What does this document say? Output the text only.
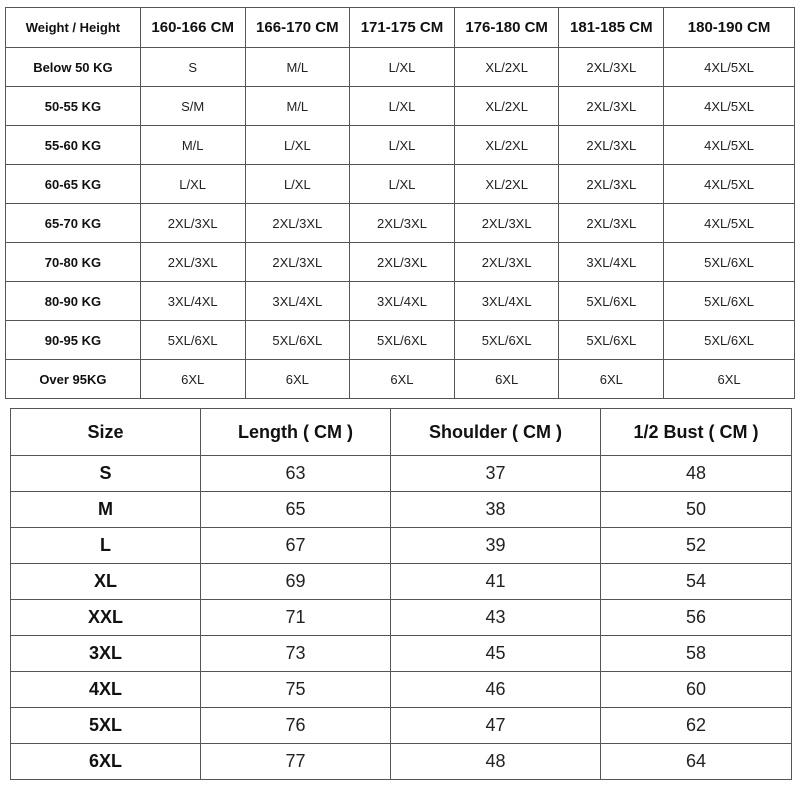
Weight / Height	160-166 CM	166-170 CM	171-175 CM	176-180 CM	181-185 CM	180-190 CM
Below 50 KG	S	M/L	L/XL	XL/2XL	2XL/3XL	4XL/5XL
50-55 KG	S/M	M/L	L/XL	XL/2XL	2XL/3XL	4XL/5XL
55-60 KG	M/L	L/XL	L/XL	XL/2XL	2XL/3XL	4XL/5XL
60-65 KG	L/XL	L/XL	L/XL	XL/2XL	2XL/3XL	4XL/5XL
65-70 KG	2XL/3XL	2XL/3XL	2XL/3XL	2XL/3XL	2XL/3XL	4XL/5XL
70-80 KG	2XL/3XL	2XL/3XL	2XL/3XL	2XL/3XL	3XL/4XL	5XL/6XL
80-90 KG	3XL/4XL	3XL/4XL	3XL/4XL	3XL/4XL	5XL/6XL	5XL/6XL
90-95 KG	5XL/6XL	5XL/6XL	5XL/6XL	5XL/6XL	5XL/6XL	5XL/6XL
Over 95KG	6XL	6XL	6XL	6XL	6XL	6XL
Size	Length ( CM )	Shoulder ( CM )	1/2 Bust ( CM )
S	63	37	48
M	65	38	50
L	67	39	52
XL	69	41	54
XXL	71	43	56
3XL	73	45	58
4XL	75	46	60
5XL	76	47	62
6XL	77	48	64
